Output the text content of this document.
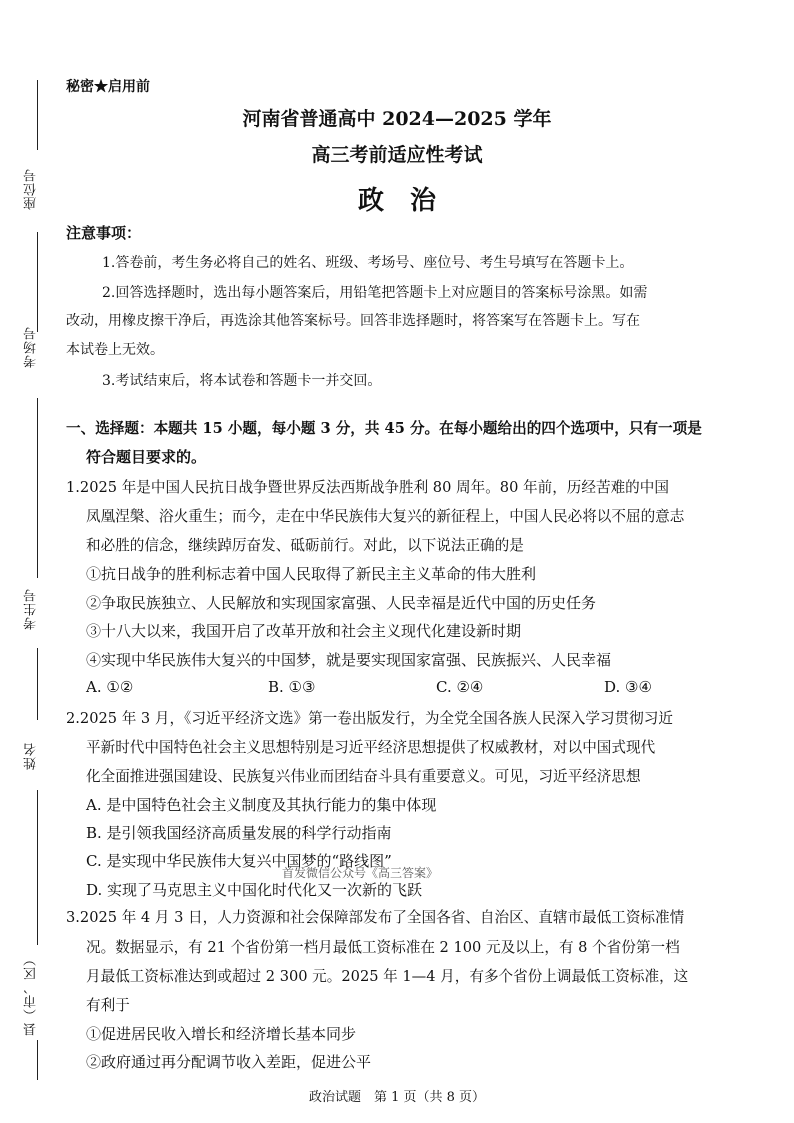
座位号
考场号
考生号
姓名
县（市、区）
秘密★启用前
河南省普通高中 2024—2025 学年
高三考前适应性考试
政　治
注意事项：
1.答卷前，考生务必将自己的姓名、班级、考场号、座位号、考生号填写在答题卡上。
2.回答选择题时，选出每小题答案后，用铅笔把答题卡上对应题目的答案标号涂黑。如需
改动，用橡皮擦干净后，再选涂其他答案标号。回答非选择题时，将答案写在答题卡上。写在
本试卷上无效。
3.考试结束后，将本试卷和答题卡一并交回。
一、选择题：本题共 15 小题，每小题 3 分，共 45 分。在每小题给出的四个选项中，只有一项是
符合题目要求的。
1.2025 年是中国人民抗日战争暨世界反法西斯战争胜利 80 周年。80 年前，历经苦难的中国
凤凰涅槃、浴火重生；而今，走在中华民族伟大复兴的新征程上，中国人民必将以不屈的意志
和必胜的信念，继续踔厉奋发、砥砺前行。对此，以下说法正确的是
①抗日战争的胜利标志着中国人民取得了新民主主义革命的伟大胜利
②争取民族独立、人民解放和实现国家富强、人民幸福是近代中国的历史任务
③十八大以来，我国开启了改革开放和社会主义现代化建设新时期
④实现中华民族伟大复兴的中国梦，就是要实现国家富强、民族振兴、人民幸福
A. ①②	B. ①③	C. ②④	D. ③④
2.2025 年 3 月，《习近平经济文选》第一卷出版发行，为全党全国各族人民深入学习贯彻习近
平新时代中国特色社会主义思想特别是习近平经济思想提供了权威教材，对以中国式现代
化全面推进强国建设、民族复兴伟业而团结奋斗具有重要意义。可见，习近平经济思想
A. 是中国特色社会主义制度及其执行能力的集中体现
B. 是引领我国经济高质量发展的科学行动指南
C. 是实现中华民族伟大复兴中国梦的“路线图”
首发微信公众号《高三答案》
D. 实现了马克思主义中国化时代化又一次新的飞跃
3.2025 年 4 月 3 日，人力资源和社会保障部发布了全国各省、自治区、直辖市最低工资标准情
况。数据显示，有 21 个省份第一档月最低工资标准在 2 100 元及以上，有 8 个省份第一档
月最低工资标准达到或超过 2 300 元。2025 年 1—4 月，有多个省份上调最低工资标准，这
有利于
①促进居民收入增长和经济增长基本同步
②政府通过再分配调节收入差距，促进公平
政治试题　第 1 页（共 8 页）
